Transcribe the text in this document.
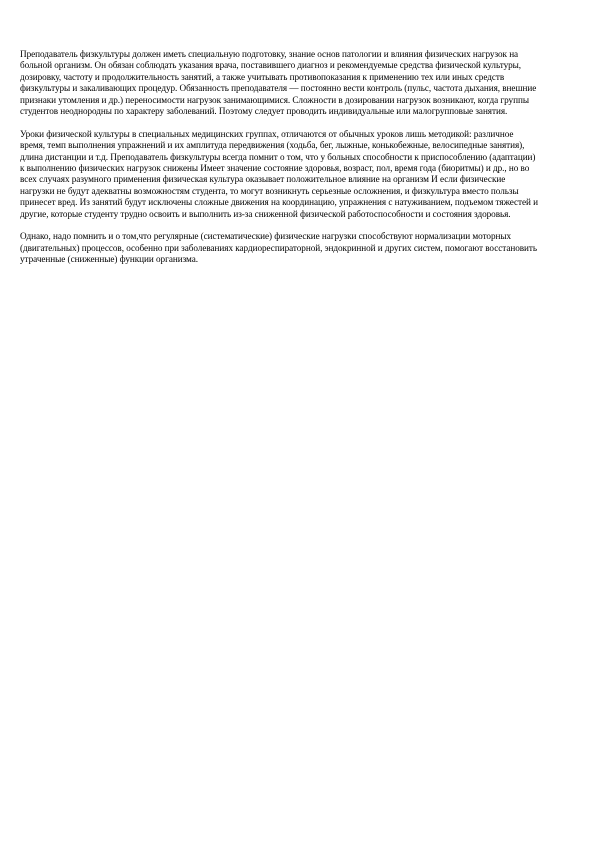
Преподаватель физкультуры должен иметь специальную подготовку, знание основ патологии и влияния физических нагрузок на больной организм. Он обязан соблюдать указания врача, поставившего диагноз и рекомендуемые средства физической культуры, дозировку, частоту и продолжительность занятий, а также учитывать противопоказания к применению тех или иных средств физкультуры и закаливающих процедур. Обязанность преподавателя — постоянно вести контроль (пульс, частота дыхания, внешние признаки утомления и др.) переносимости нагрузок занимающимися. Сложности в дозировании нагрузок возникают, когда группы студентов неоднородны по характеру заболеваний. Поэтому следует проводить индивидуальные или малогрупповые занятия.

Уроки физической культуры в специальных медицинских группах, отличаются от обычных уроков лишь методикой: различное время, темп выполнения упражнений и их амплитуда передвижения (ходьба, бег, лыжные, конькобежные, велосипедные занятия), длина дистанции и т.д. Преподаватель физкультуры всегда помнит о том, что у больных способности к приспособлению (адаптации) к выполнению физических нагрузок снижены Имеет значение состояние здоровья, возраст, пол, время года (биоритмы) и др., но во всех случаях разумного применения физическая культура оказывает положительное влияние на организм И если физические нагрузки не будут адекватны возможностям студента, то могут возникнуть серьезные осложнения, и физкультура вместо пользы принесет вред. Из занятий будут исключены сложные движения на координацию, упражнения с натуживанием, подъемом тяжестей и другие, которые студенту трудно освоить и выполнить из-за сниженной физической работоспособности и состояния здоровья.

Однако, надо помнить и о том,что регулярные (систематические) физические нагрузки способствуют нормализации моторных (двигательных) процессов, особенно при заболеваниях кардиореспираторной, эндокринной и других систем, помогают восстановить утраченные (сниженные) функции организма.
